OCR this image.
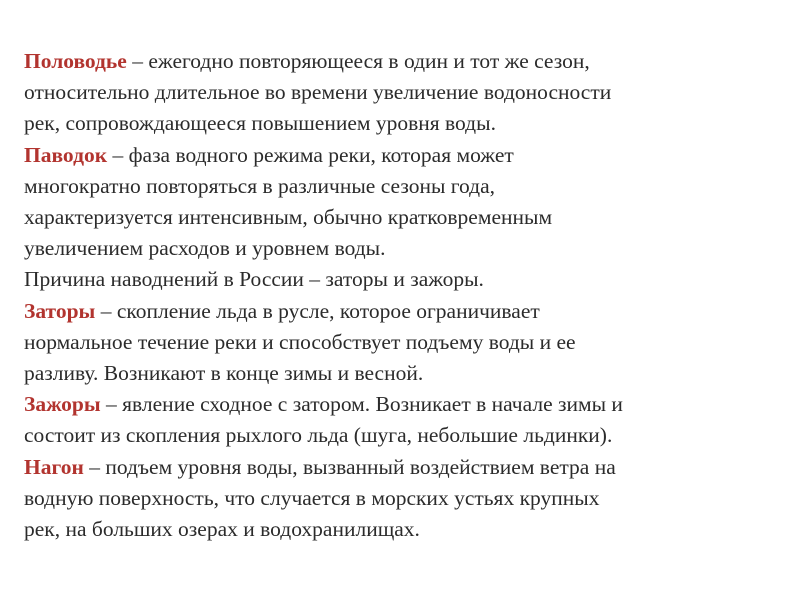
Половодье – ежегодно повторяющееся в один и тот же сезон,
относительно длительное во времени увеличение водоносности
рек, сопровождающееся повышением уровня воды.
Паводок – фаза водного режима реки, которая может
многократно повторяться в различные сезоны года,
характеризуется интенсивным, обычно кратковременным
увеличением расходов и уровнем воды.
Причина наводнений в России – заторы и зажоры.
Заторы – скопление льда в русле, которое ограничивает
нормальное течение реки и способствует подъему воды и ее
разливу. Возникают в конце зимы и весной.
Зажоры – явление сходное с затором. Возникает в начале зимы и
состоит из скопления рыхлого льда (шуга, небольшие льдинки).
Нагон – подъем уровня воды, вызванный воздействием ветра на
водную поверхность, что случается в морских устьях крупных
рек, на больших озерах и водохранилищах.
